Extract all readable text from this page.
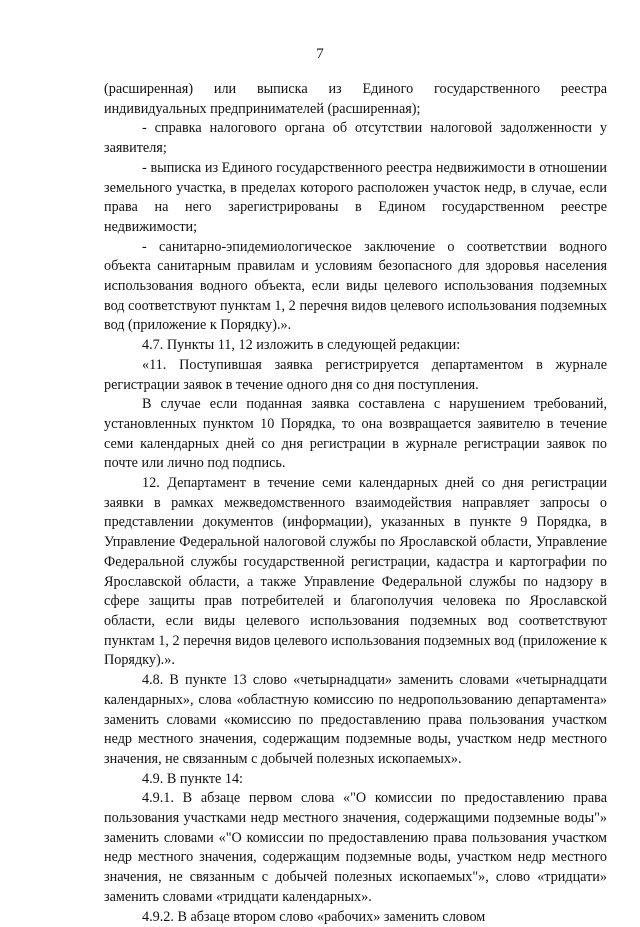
7

(расширенная) или выписка из Единого государственного реестра индивидуальных предпринимателей (расширенная);

- справка налогового органа об отсутствии налоговой задолженности у заявителя;

- выписка из Единого государственного реестра недвижимости в отношении земельного участка, в пределах которого расположен участок недр, в случае, если права на него зарегистрированы в Едином государственном реестре недвижимости;

- санитарно-эпидемиологическое заключение о соответствии водного объекта санитарным правилам и условиям безопасного для здоровья населения использования водного объекта, если виды целевого использования подземных вод соответствуют пунктам 1, 2 перечня видов целевого использования подземных вод (приложение к Порядку).».

4.7. Пункты 11, 12 изложить в следующей редакции:

«11. Поступившая заявка регистрируется департаментом в журнале регистрации заявок в течение одного дня со дня поступления.

В случае если поданная заявка составлена с нарушением требований, установленных пунктом 10 Порядка, то она возвращается заявителю в течение семи календарных дней со дня регистрации в журнале регистрации заявок по почте или лично под подпись.

12. Департамент в течение семи календарных дней со дня регистрации заявки в рамках межведомственного взаимодействия направляет запросы о представлении документов (информации), указанных в пункте 9 Порядка, в Управление Федеральной налоговой службы по Ярославской области, Управление Федеральной службы государственной регистрации, кадастра и картографии по Ярославской области, а также Управление Федеральной службы по надзору в сфере защиты прав потребителей и благополучия человека по Ярославской области, если виды целевого использования подземных вод соответствуют пунктам 1, 2 перечня видов целевого использования подземных вод (приложение к Порядку).».

4.8. В пункте 13 слово «четырнадцати» заменить словами «четырнадцати календарных», слова «областную комиссию по недропользованию департамента» заменить словами «комиссию по предоставлению права пользования участком недр местного значения, содержащим подземные воды, участком недр местного значения, не связанным с добычей полезных ископаемых».

4.9. В пункте 14:

4.9.1. В абзаце первом слова «"О комиссии по предоставлению права пользования участками недр местного значения, содержащими подземные воды"» заменить словами «"О комиссии по предоставлению права пользования участком недр местного значения, содержащим подземные воды, участком недр местного значения, не связанным с добычей полезных ископаемых"», слово «тридцати» заменить словами «тридцати календарных».

4.9.2. В абзаце втором слово «рабочих» заменить словом
